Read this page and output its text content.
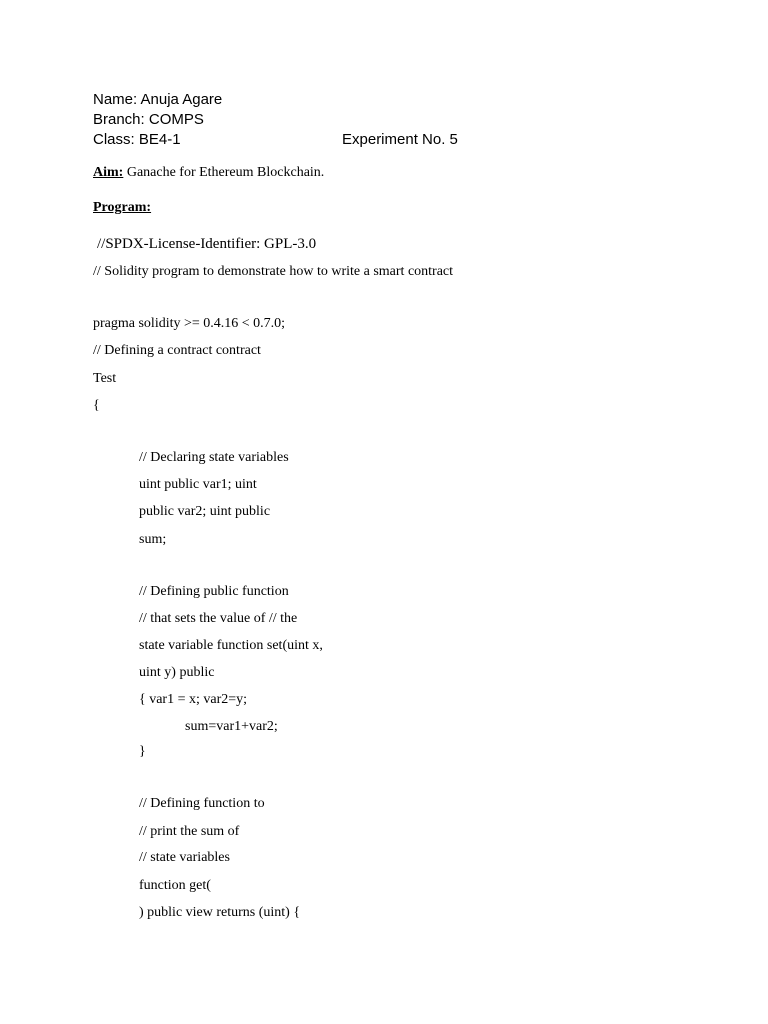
Name: Anuja Agare
Branch: COMPS
Class: BE4-1	Experiment No. 5
Aim: Ganache for Ethereum Blockchain.
Program:
//SPDX-License-Identifier: GPL-3.0
// Solidity program to demonstrate how to write a smart contract
pragma solidity >= 0.4.16 < 0.7.0;
// Defining a contract contract
Test
{
// Declaring state variables
uint public var1; uint
public var2; uint public
sum;
// Defining public function
// that sets the value of // the
state variable function set(uint x,
uint y) public
{ var1 = x; var2=y;
sum=var1+var2;
}
// Defining function to
// print the sum of
// state variables
function get(
) public view returns (uint) {
